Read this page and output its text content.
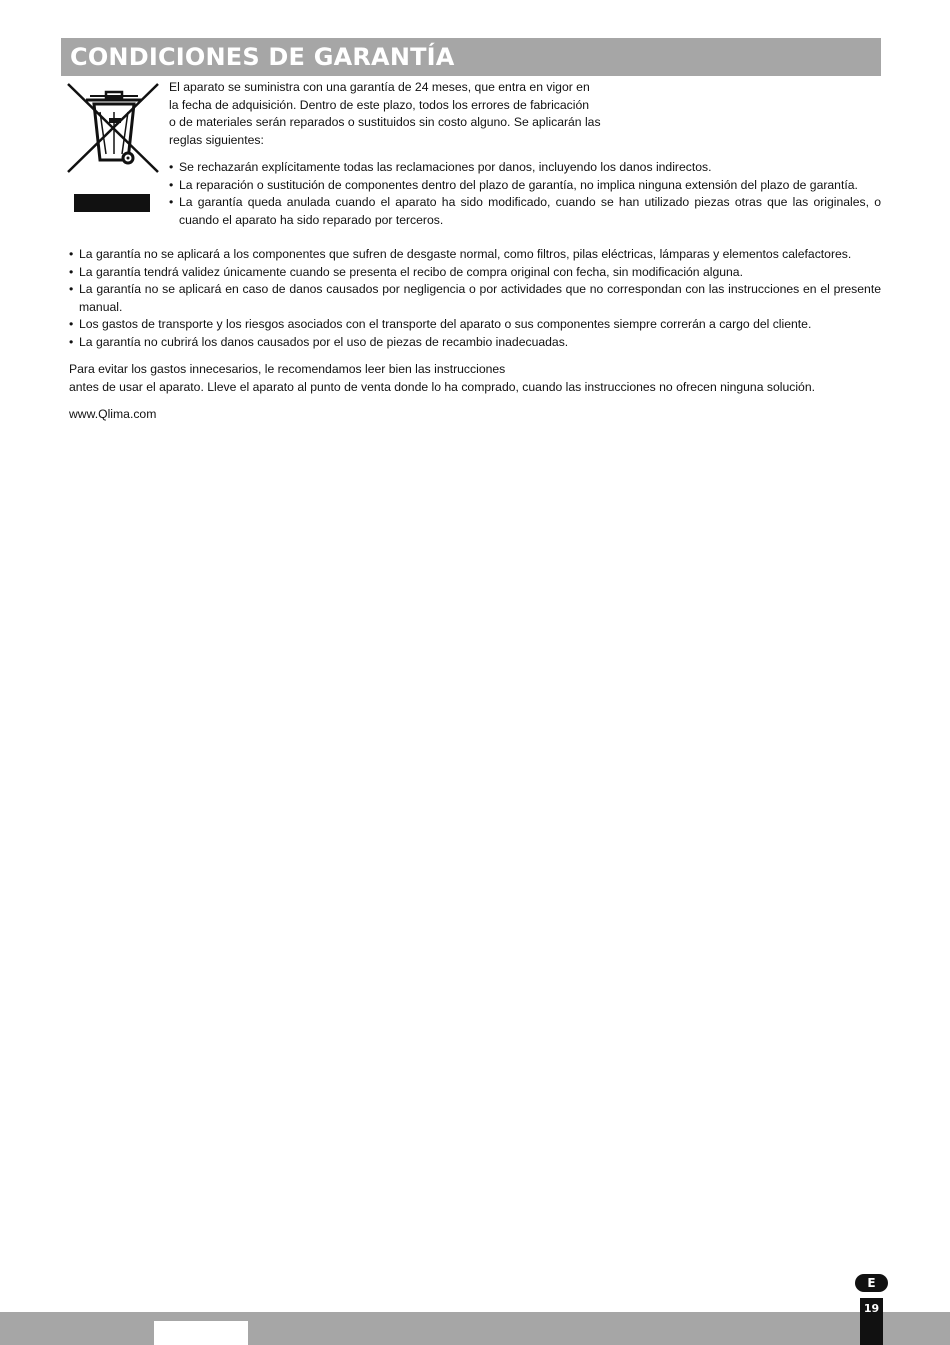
CONDICIONES DE GARANTÍA

El aparato se suministra con una garantía de 24 meses, que entra en vigor en

la fecha de adquisición. Dentro de este plazo, todos los errores de fabricación

o de materiales serán reparados o sustituidos sin costo alguno. Se aplicarán las

reglas siguientes:

• Se rechazarán explícitamente todas las reclamaciones por danos, incluyendo los danos indirectos.
• La reparación o sustitución de componentes dentro del plazo de garantía, no implica ninguna extensión del plazo de garantía.
• La garantía queda anulada cuando el aparato ha sido modificado, cuando se han utilizado piezas otras que las originales, o cuando el aparato ha sido reparado por terceros.
• La garantía no se aplicará a los componentes que sufren de desgaste normal, como filtros, pilas eléctricas, lámparas y elementos calefactores.
• La garantía tendrá validez únicamente cuando se presenta el recibo de compra original con fecha, sin modificación alguna.
• La garantía no se aplicará en caso de danos causados por negligencia o por actividades que no correspondan con las instrucciones en el presente manual.
• Los gastos de transporte y los riesgos asociados con el transporte del aparato o sus componentes siempre correrán a cargo del cliente.
• La garantía no cubrirá los danos causados por el uso de piezas de recambio inadecuadas.

Para evitar los gastos innecesarios, le recomendamos leer bien las instrucciones

antes de usar el aparato. Lleve el aparato al punto de venta donde lo ha comprado, cuando las instrucciones no ofrecen ninguna solución.

www.Qlima.com
E
19
